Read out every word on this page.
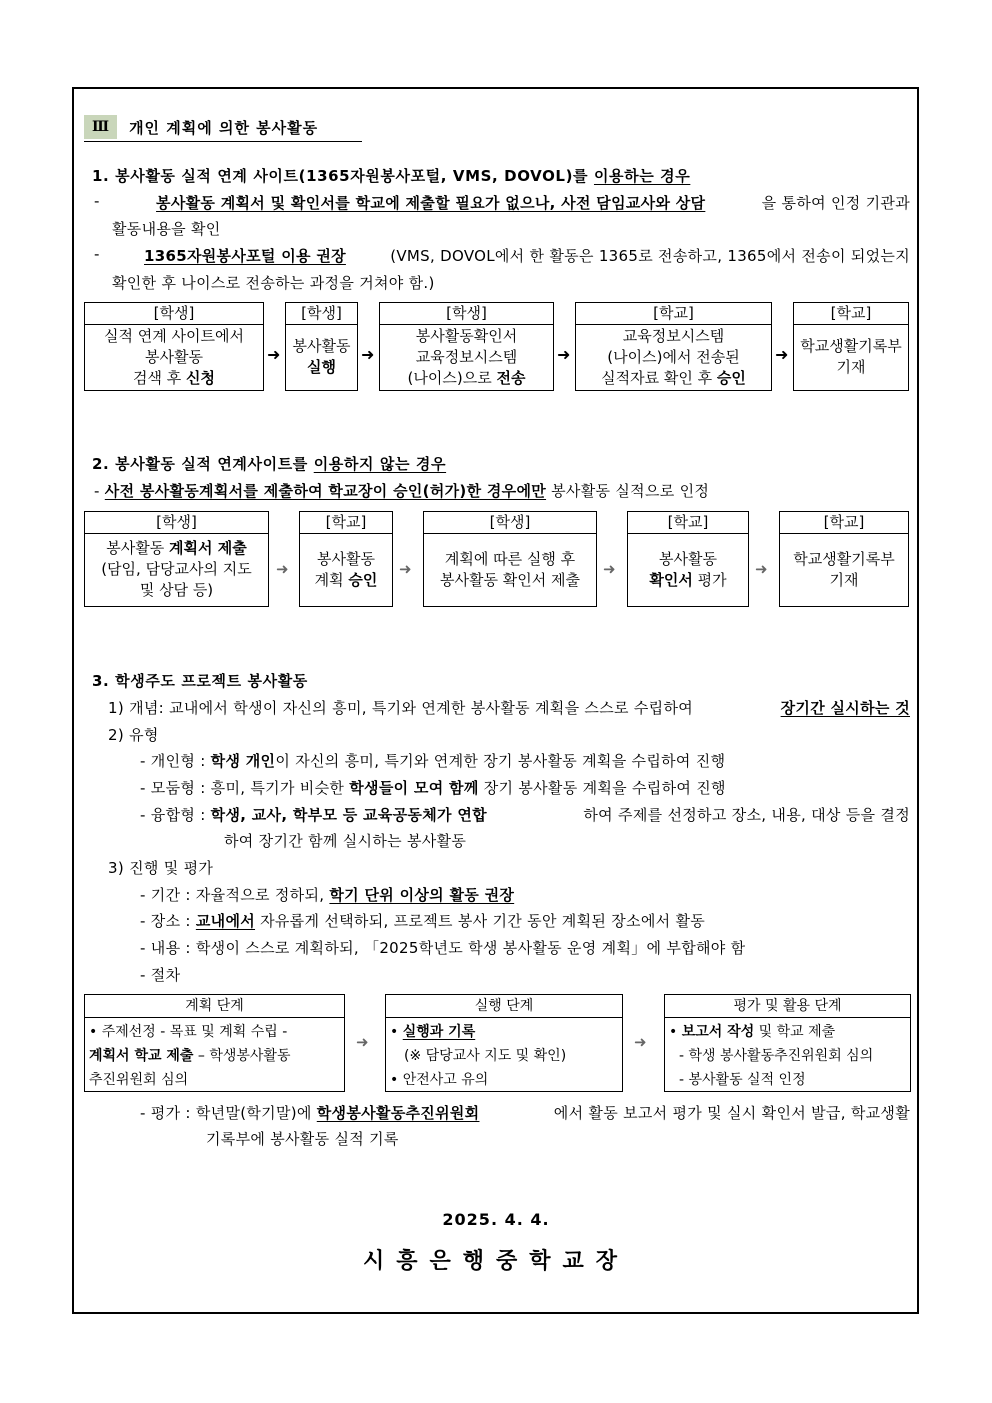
Ⅲ	개인 계획에 의한 봉사활동
1. 봉사활동 실적 연계 사이트(1365자원봉사포털, VMS, DOVOL)를 이용하는 경우
-	봉사활동 계획서 및 확인서를 학교에 제출할 필요가 없으나, 사전 담임교사와 상담	을 통하여 인정 기관과
활동내용을 확인
-	1365자원봉사포털 이용 권장	(VMS, DOVOL에서 한 활동은 1365로 전송하고, 1365에서 전송이 되었는지
확인한 후 나이스로 전송하는 과정을 거쳐야 함.)
[학생]
실적 연계 사이트에서
봉사활동
검색 후 신청
➜
[학생]
봉사활동
실행
➜
[학생]
봉사활동확인서
교육정보시스템
(나이스)으로 전송
➜
[학교]
교육정보시스템
(나이스)에서 전송된
실적자료 확인 후 승인
➜
[학교]
학교생활기록부
기재
2. 봉사활동 실적 연계사이트를 이용하지 않는 경우
- 사전 봉사활동계획서를 제출하여 학교장이 승인(허가)한 경우에만 봉사활동 실적으로 인정
[학생]
봉사활동 계획서 제출
(담임, 담당교사의 지도
및 상담 등)
➜
[학교]
봉사활동
계획 승인
➜
[학생]
계획에 따른 실행 후
봉사활동 확인서 제출
➜
[학교]
봉사활동
확인서 평가
➜
[학교]
학교생활기록부
기재
3. 학생주도 프로젝트 봉사활동
1) 개념: 교내에서 학생이 자신의 흥미, 특기와 연계한 봉사활동 계획을 스스로 수립하여	장기간 실시하는 것
2) 유형
- 개인형 : 학생 개인이 자신의 흥미, 특기와 연계한 장기 봉사활동 계획을 수립하여 진행
- 모둠형 : 흥미, 특기가 비슷한 학생들이 모여 함께 장기 봉사활동 계획을 수립하여 진행
- 융합형 : 학생, 교사, 학부모 등 교육공동체가 연합	하여 주제를 선정하고 장소, 내용, 대상 등을 결정
하여 장기간 함께 실시하는 봉사활동
3) 진행 및 평가
- 기간 : 자율적으로 정하되, 학기 단위 이상의 활동 권장
- 장소 : 교내에서 자유롭게 선택하되, 프로젝트 봉사 기간 동안 계획된 장소에서 활동
- 내용 : 학생이 스스로 계획하되, 「2025학년도 학생 봉사활동 운영 계획」에 부합해야 함
- 절차
계획 단계
• 주제선정 - 목표 및 계획 수립 -
계획서 학교 제출 – 학생봉사활동
추진위원회 심의
➜
실행 단계
• 실행과 기록
(※ 담당교사 지도 및 확인)
• 안전사고 유의
➜
평가 및 활용 단계
• 보고서 작성 및 학교 제출
- 학생 봉사활동추진위원회 심의
- 봉사활동 실적 인정
- 평가 : 학년말(학기말)에 학생봉사활동추진위원회	에서 활동 보고서 평가 및 실시 확인서 발급, 학교생활
기록부에 봉사활동 실적 기록
2025. 4. 4.
시흥은행중학교장
